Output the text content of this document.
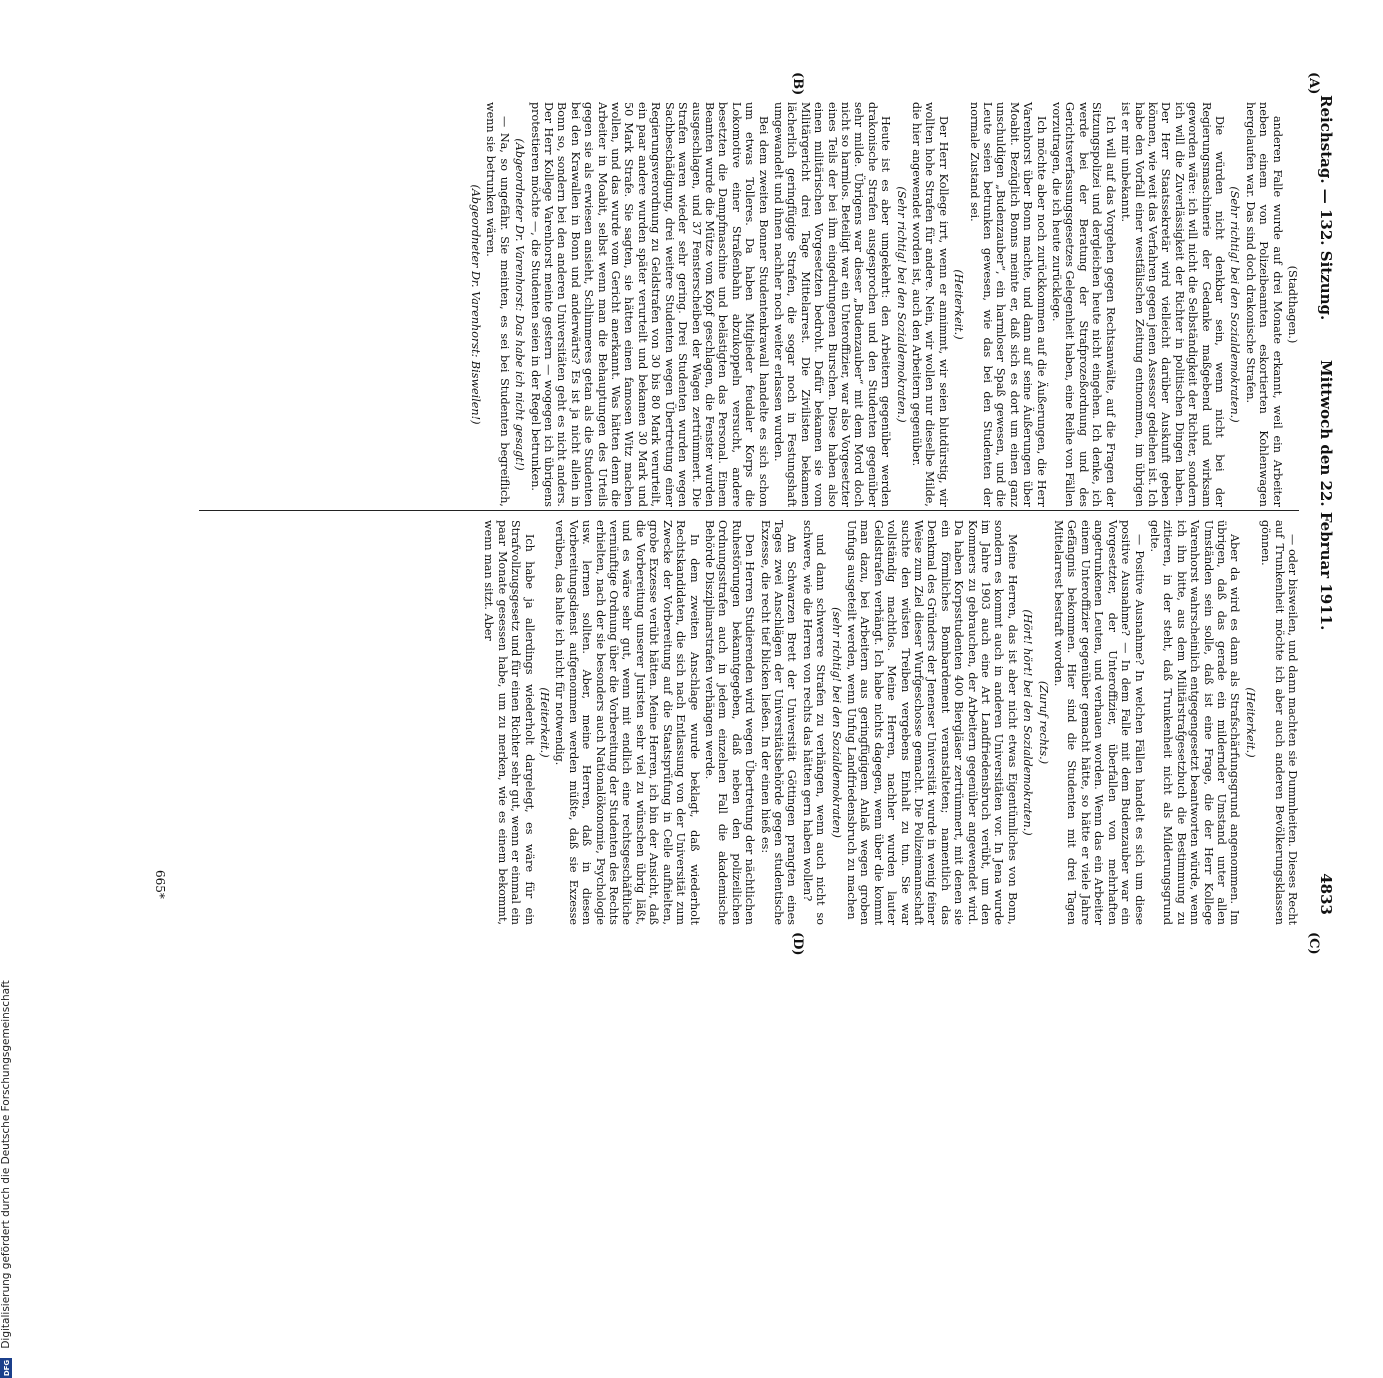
Reichstag. — 132. Sitzung.
Mittwoch den 22. Februar 1911.
4833
(A)
(B)
(C)
(D)

(Stadthagen.)

anderen Falle wurde auf drei Monate erkannt, weil ein Arbeiter neben einem von Polizeibeamten eskortierten Kohlenwagen hergelaufen war. Das sind doch drakonische Strafen.

(Sehr richtig! bei den Sozialdemokraten.)

Die würden nicht denkbar sein, wenn nicht bei der Regierungsmaschinerie der Gedanke maßgebend und wirksam geworden wäre: ich will nicht die Selbständigkeit der Richter, sondern ich will die Zuverlässigkeit der Richter in politischen Dingen haben. Der Herr Staatssekretär wird vielleicht darüber Auskunft geben können, wie weit das Verfahren gegen jenen Assessor gediehen ist. Ich habe den Vorfall einer westfälischen Zeitung entnommen, im übrigen ist er mir unbekannt.

Ich will auf das Vorgehen gegen Rechtsanwälte, auf die Fragen der Sitzungspolizei und dergleichen heute nicht eingehen. Ich denke, ich werde bei der Beratung der Strafprozeßordnung und des Gerichtsverfassungsgesetzes Gelegenheit haben, eine Reihe von Fällen vorzutragen, die ich heute zurücklege.

Ich möchte aber noch zurückkommen auf die Äußerungen, die Herr Varenhorst über Bonn machte, und dann auf seine Äußerungen über Moabit. Bezüglich Bonns meinte er, daß sich es dort um einen ganz unschuldigen „Budenzauber“, ein harmloser Spaß gewesen, und die Leute seien betrunken gewesen, wie das bei den Studenten der normale Zustand sei.

(Heiterkeit.)

Der Herr Kollege irrt, wenn er annimmt, wir seien blutdürstig, wir wollten hohe Strafen für andere. Nein, wir wollen nur dieselbe Milde, die hier angewendet worden ist, auch den Arbeitern gegenüber.

(Sehr richtig! bei den Sozialdemokraten.)

Heute ist es aber umgekehrt: den Arbeitern gegenüber werden drakonische Strafen ausgesprochen und den Studenten gegenüber sehr milde. Übrigens war dieser „Budenzauber“ mit dem Mord doch nicht so harmlos. Beteiligt war ein Unteroffizier, war also Vorgesetzter eines Teils der bei ihm eingedrungenen Burschen. Diese haben also einen militärischen Vorgesetzten bedroht. Dafür bekamen sie vom Militärgericht drei Tage Mittelarrest. Die Zivilisten bekamen lächerlich geringfügige Strafen, die sogar noch in Festungshaft umgewandelt und ihnen nachher noch weiter erlassen wurden.

Bei dem zweiten Bonner Studentenkrawall handelte es sich schon um etwas Tolleres. Da haben Mitglieder feudaler Korps die Lokomotive einer Straßenbahn abzukoppeln versucht, andere besetzten die Dampfmaschine und belästigten das Personal. Einem Beamten wurde die Mütze vom Kopf geschlagen, die Fenster wurden ausgeschlagen, und 37 Fensterscheiben der Wagen zertrümmert. Die Strafen waren wieder sehr gering. Drei Studenten wurden wegen Sachbeschädigung, drei weitere Studenten wegen Übertretung einer Regierungsverordnung zu Geldstrafen von 30 bis 80 Mark verurteilt, ein paar andere wurden später verurteilt und bekamen 30 Mark und 50 Mark Strafe. Sie sagten, sie hätten einen famosen Witz machen wollen, und das wurde vom Gericht anerkannt. Was hätten denn die Arbeiter in Moabit, selbst wenn man die Behauptungen des Urteils gegen sie als erwiesen ansieht, Schlimmeres getan als die Studenten bei den Krawallen in Bonn und anderwärts? Es ist ja nicht allein in Bonn so, sondern bei den anderen Universitäten geht es nicht anders. Der Herr Kollege Varenhorst meinte gestern — wogegen ich übrigens protestieren möchte —, die Studenten seien in der Regel betrunken.

(Abgeordneter Dr. Varenhorst: Das habe ich nicht gesagt!)

— Na, so ungefähr. Sie meinten, es sei bei Studenten begreiflich, wenn sie betrunken wären.

(Abgeordneter Dr. Varenhorst: Bisweilen!)

— oder bisweilen, und dann machten sie Dummheiten. Dieses Recht auf Trunkenheit möchte ich aber auch anderen Bevölkerungsklassen gönnen.

(Heiterkeit.)

Aber da wird es dann als Strafschärfungsgrund angenommen. Im übrigen, daß das gerade ein mildernder Umstand unter allen Umständen sein solle, daß ist eine Frage, die der Herr Kollege Varenhorst wahrscheinlich entgegengesetzt beantworten würde, wenn ich ihn bitte, aus dem Militärstrafgesetzbuch die Bestimmung zu zitieren, in der steht, daß Trunkenheit nicht als Milderungsgrund gelte.

— Positive Ausnahme? In welchen Fällen handelt es sich um diese positive Ausnahme? — In dem Falle mit dem Budenzauber war ein Vorgesetzter, der Unteroffizier, überfallen von mehrhaften angetrunkenen Leuten, und verhauen worden. Wenn das ein Arbeiter einem Unteroffizier gegenüber gemacht hätte, so hätte er viele Jahre Gefängnis bekommen. Hier sind die Studenten mit drei Tagen Mittelarrest bestraft worden.

(Zuruf rechts.)

(Hört! hört! bei den Sozialdemokraten.)

Meine Herren, das ist aber nicht etwas Eigentümliches von Bonn, sondern es kommt auch in anderen Universitäten vor. In Jena wurde im Jahre 1903 auch eine Art Landfriedensbruch verübt, um den Kommers zu gebrauchen, der Arbeitern gegenüber angewendet wird. Da haben Korpsstudenten 400 Biergläser zertrümmert, mit denen sie ein förmliches Bombardement veranstalteten; namentlich das Denkmal des Gründers der Jenenser Universität wurde in wenig feiner Weise zum Ziel dieser Wurfgeschosse gemacht. Die Polizeimannschaft suchte den wüsten Treiben vergebens Einhalt zu tun. Sie war vollständig machtlos. Meine Herren, nachher wurden lauter Geldstrafen verhängt. Ich habe nichts dagegen, wenn über die kommt man dazu, bei Arbeitern aus geringfügigem Anlaß wegen groben Unfugs ausgeteilt werden, wenn Unfug Landfriedensbruch zu machen

(sehr richtig! bei den Sozialdemokraten)

und dann schwerere Strafen zu verhängen, wenn auch nicht so schwere, wie die Herren von rechts das hätten gern haben wollen?

Am Schwarzen Brett der Universität Göttingen prangten eines Tages zwei Anschlägen der Universitätsbehörde gegen studentische Exzesse, die recht tief blicken ließen. In der einen hieß es:

Den Herren Studierenden wird wegen Übertretung der nächtlichen Ruhestörungen bekanntgegeben, daß neben den polizeilichen Ordnungsstrafen auch in jedem einzelnen Fall die akademische Behörde Disziplinarstrafen verhängen werde.

In dem zweiten Anschlage wurde beklagt, daß wiederholt Rechtskandidaten, die sich nach Entlassung von der Universität zum Zwecke der Vorbereitung auf die Staatsprüfung in Celle aufhielten, grobe Exzesse verübt hätten. Meine Herren, ich bin der Ansicht, daß die Vorbereitung unserer Juristen sehr viel zu wünschen übrig läßt, und es wäre sehr gut, wenn mit endlich eine rechtsgeschäftliche vernünftige Ordnung über die Vorbereitung der Studenten des Rechts erhielten, nach der sie besonders auch Nationalökonomie, Psychologie usw. lernen sollten. Aber, meine Herren, daß in diesen Vorbereitungsdienst aufgenommen werden müßte, daß sie Exzesse verüben, das halte ich nicht für notwendig.

(Heiterkeit.)

Ich habe ja allerdings wiederholt dargelegt, es wäre für ein Strafvollzugsgesetz und für einen Richter sehr gut, wenn er einmal ein paar Monate gesessen habe, um zu merken, wie es einem bekommt, wenn man sitzt. Aber

665*
DFG
Digitalisierung gefördert durch die Deutsche Forschungsgemeinschaft
